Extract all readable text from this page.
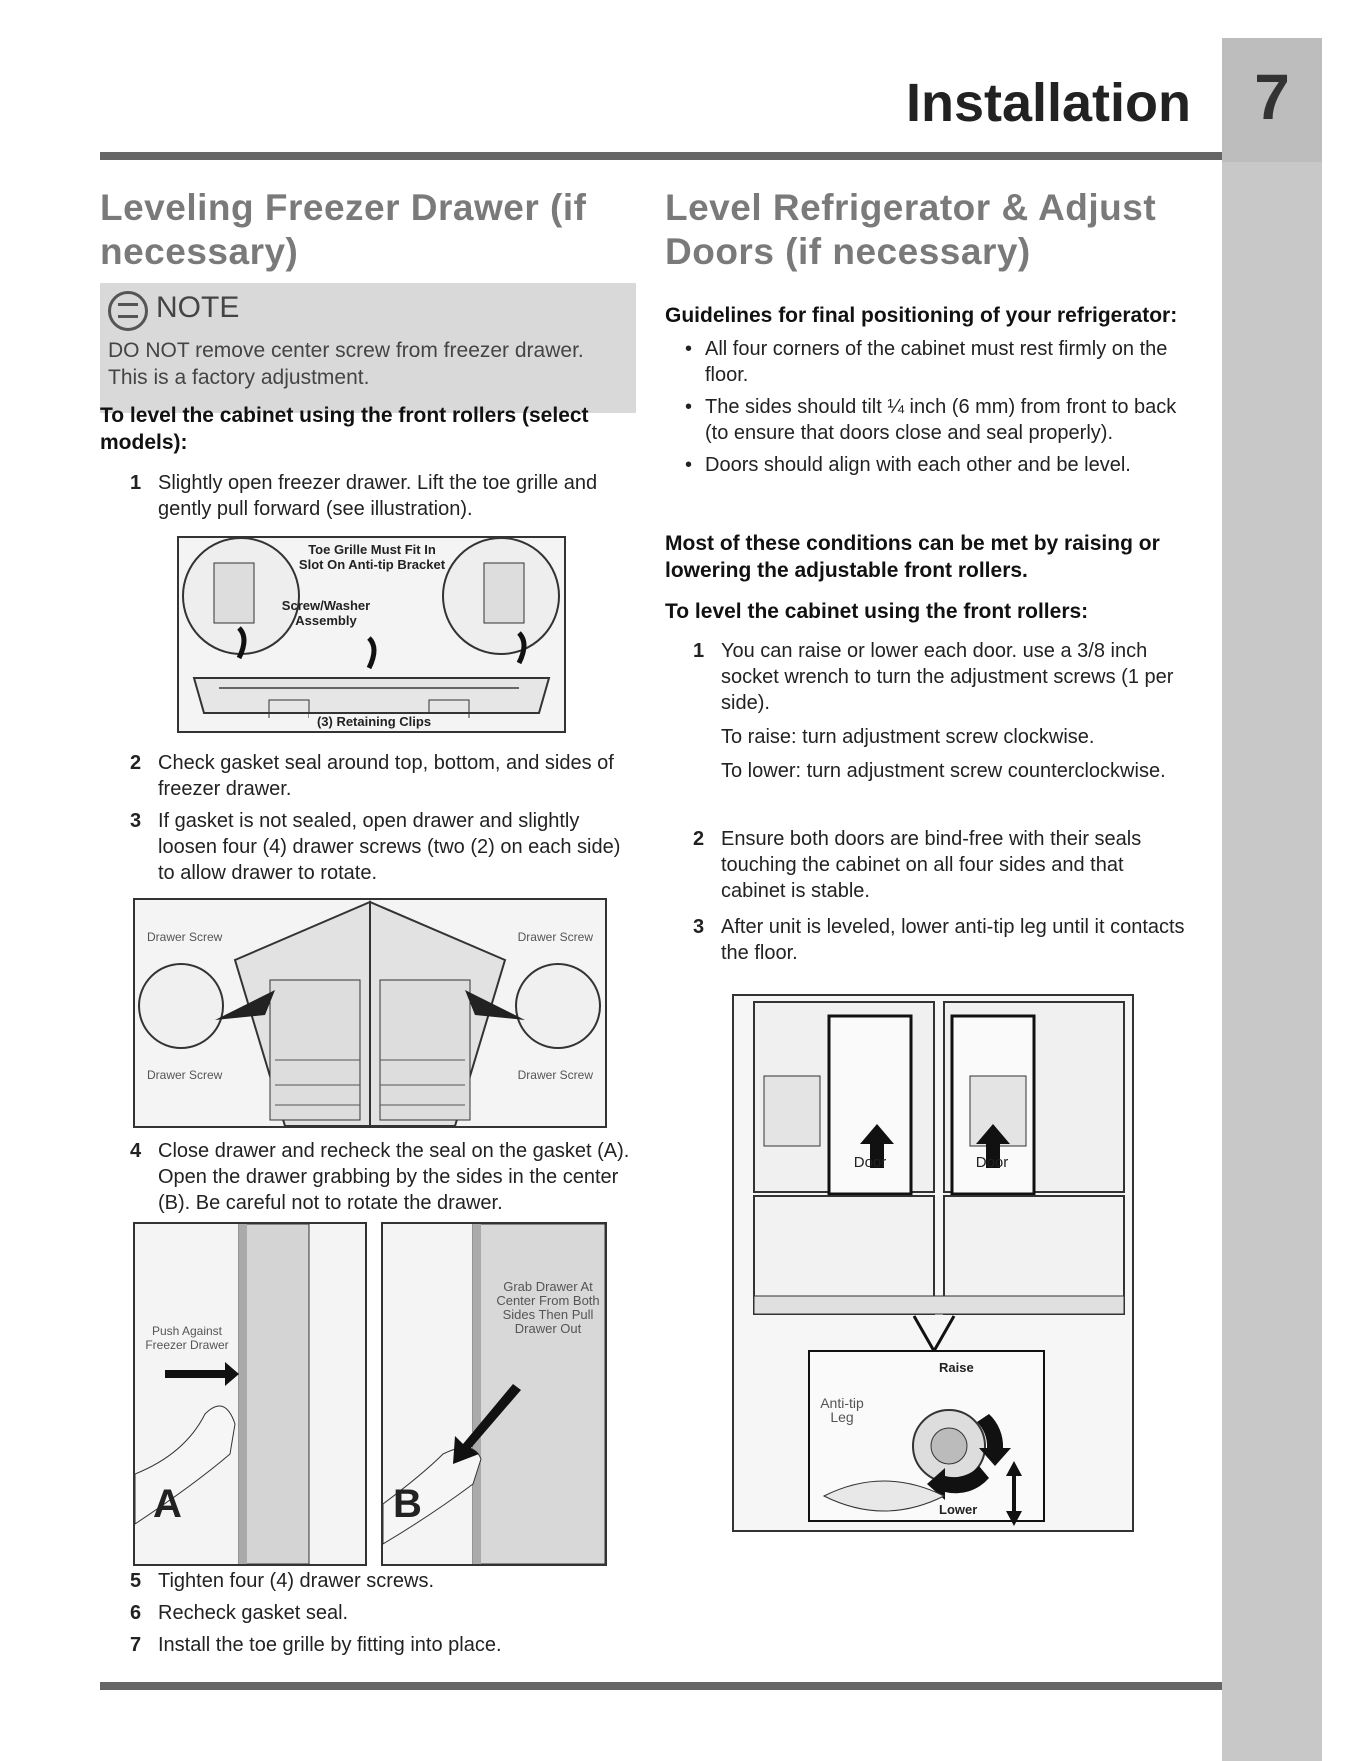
7
Installation
Leveling Freezer Drawer (if necessary)
NOTE
DO NOT remove center screw from freezer drawer. This is a factory adjustment.
To level the cabinet using the front rollers (select models):
1 Slightly open freezer drawer. Lift the toe grille and gently pull forward (see illustration).
Toe Grille Must Fit In Slot On Anti-tip Bracket
Screw/Washer Assembly
(3) Retaining Clips
2 Check gasket seal around top, bottom, and sides of freezer drawer.
3 If gasket is not sealed, open drawer and slightly loosen four (4) drawer screws (two (2) on each side) to allow drawer to rotate.
Drawer Screw	Drawer Screw
Drawer Screw	Drawer Screw
4 Close drawer and recheck the seal on the gasket (A). Open the drawer grabbing by the sides in the center (B). Be careful not to rotate the drawer.
Push Against Freezer Drawer
A
Grab Drawer At Center From Both Sides Then Pull Drawer Out
B
5 Tighten four (4) drawer screws.
6 Recheck gasket seal.
7 Install the toe grille by fitting into place.
Level Refrigerator & Adjust Doors (if necessary)
Guidelines for final positioning of your refrigerator:
• All four corners of the cabinet must rest firmly on the floor.
• The sides should tilt ¼ inch (6 mm) from front to back (to ensure that doors close and seal properly).
• Doors should align with each other and be level.
Most of these conditions can be met by raising or lowering the adjustable front rollers.
To level the cabinet using the front rollers:
1 You can raise or lower each door. use a 3/8 inch socket wrench to turn the adjustment screws (1 per side).
To raise: turn adjustment screw clockwise.
To lower: turn adjustment screw counterclockwise.
2 Ensure both doors are bind-free with their seals touching the cabinet on all four sides and that cabinet is stable.
3 After unit is leveled, lower anti-tip leg until it contacts the floor.
Door	Door
Raise
Lower
Anti-tip Leg
